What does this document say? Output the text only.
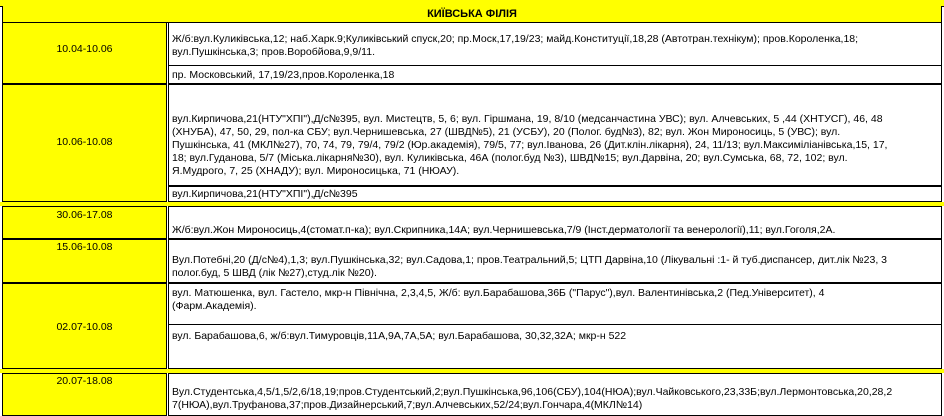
КИЇВСЬКА ФІЛІЯ
10.04-10.06
Ж/б:вул.Куликівська,12; наб.Харк.9;Куликівський спуск,20; пр.Моск,17,19/23; майд.Конституції,18,28 (Автотран.технікум); пров.Короленка,18;
вул.Пушкінська,3; пров.Воробйова,9,9/11.
пр. Московський, 17,19/23,пров.Короленка,18
10.06-10.08
вул.Кирпичова,21(НТУ"ХПІ"),Д/с№395, вул. Мистецтв, 5, 6; вул. Гіршмана, 19, 8/10 (медсанчастина УВС); вул. Алчевських, 5 ,44 (ХНТУСГ), 46, 48
(ХНУБА), 47, 50, 29, пол-ка СБУ; вул.Чернишевська, 27 (ШВД№5), 21 (УСБУ), 20 (Полог. буд№3), 82; вул. Жон Мироносиць, 5 (УВС); вул.
Пушкінська, 41 (МКЛ№27), 70, 74, 79, 79/4, 79/2 (Юр.академія), 79/5, 77; вул.Іванова, 26 (Дит.клін.лікарня), 24, 11/13; вул.Максиміліанівська,15, 17,
18; вул.Гуданова, 5/7 (Міська.лікарня№30), вул. Куликівська, 46А (полог.буд №3), ШВД№15; вул.Дарвіна, 20; вул.Сумська, 68, 72, 102; вул.
Я.Мудрого, 7, 25 (ХНАДУ); вул. Мироносицька, 71 (НЮАУ).
вул.Кирпичова,21(НТУ"ХПІ"),Д/с№395
30.06-17.08
Ж/б:вул.Жон Мироносиць,4(стомат.п-ка); вул.Скрипника,14А; вул.Чернишевська,7/9 (Інст.дерматології та венерології),11; вул.Гоголя,2А.
15.06-10.08
Вул.Потебні,20 (Д/с№4),1,3; вул.Пушкінська,32; вул.Садова,1; пров.Театральний,5; ЦТП Дарвіна,10 (Лікувальні :1- й туб.диспансер, дит.лік №23, 3
полог.буд, 5 ШВД (лік №27),студ.лік №20).
02.07-10.08
вул. Матюшенка, вул. Гастело, мкр-н Північна, 2,3,4,5, Ж/б: вул.Барабашова,36Б ("Парус"),вул. Валентинівська,2 (Пед.Університет), 4
(Фарм.Академія).
вул. Барабашова,6, ж/б:вул.Тимуровців,11А,9А,7А,5А; вул.Барабашова, 30,32,32А; мкр-н 522
20.07-18.08
Вул.Студентська,4,5/1,5/2,6/18,19;пров.Студентський,2;вул.Пушкінська,96,106(СБУ),104(НЮА);вул.Чайковського,23,33Б;вул.Лермонтовська,20,28,2
7(НЮА),вул.Труфанова,37;пров.Дизайнерський,7;вул.Алчевських,52/24;вул.Гончара,4(МКЛ№14)
